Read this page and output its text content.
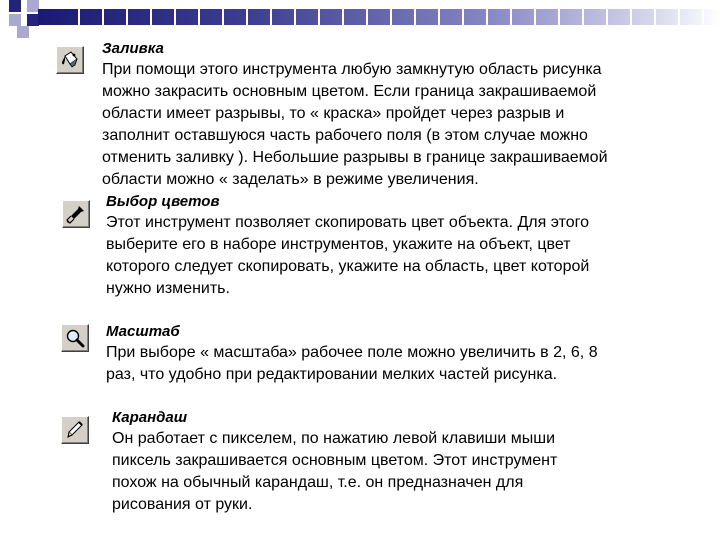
Заливка
При помощи этого инструмента любую замкнутую область рисунка
можно закрасить основным цветом. Если граница закрашиваемой
области имеет разрывы, то « краска» пройдет через разрыв и
заполнит оставшуюся часть рабочего поля (в этом случае можно
отменить заливку ). Небольшие разрывы в границе закрашиваемой
области можно « заделать» в режиме увеличения.
Выбор цветов
Этот инструмент позволяет скопировать цвет объекта. Для этого
выберите его в наборе инструментов, укажите на объект, цвет
которого следует скопировать, укажите на область, цвет которой
нужно изменить.
Масштаб
При выборе « масштаба» рабочее поле можно увеличить в 2, 6, 8
раз, что удобно при редактировании мелких частей рисунка.
Карандаш
Он работает с пикселем, по нажатию левой клавиши мыши
пиксель закрашивается основным цветом. Этот инструмент
похож на обычный карандаш, т.е. он предназначен для
рисования от руки.
